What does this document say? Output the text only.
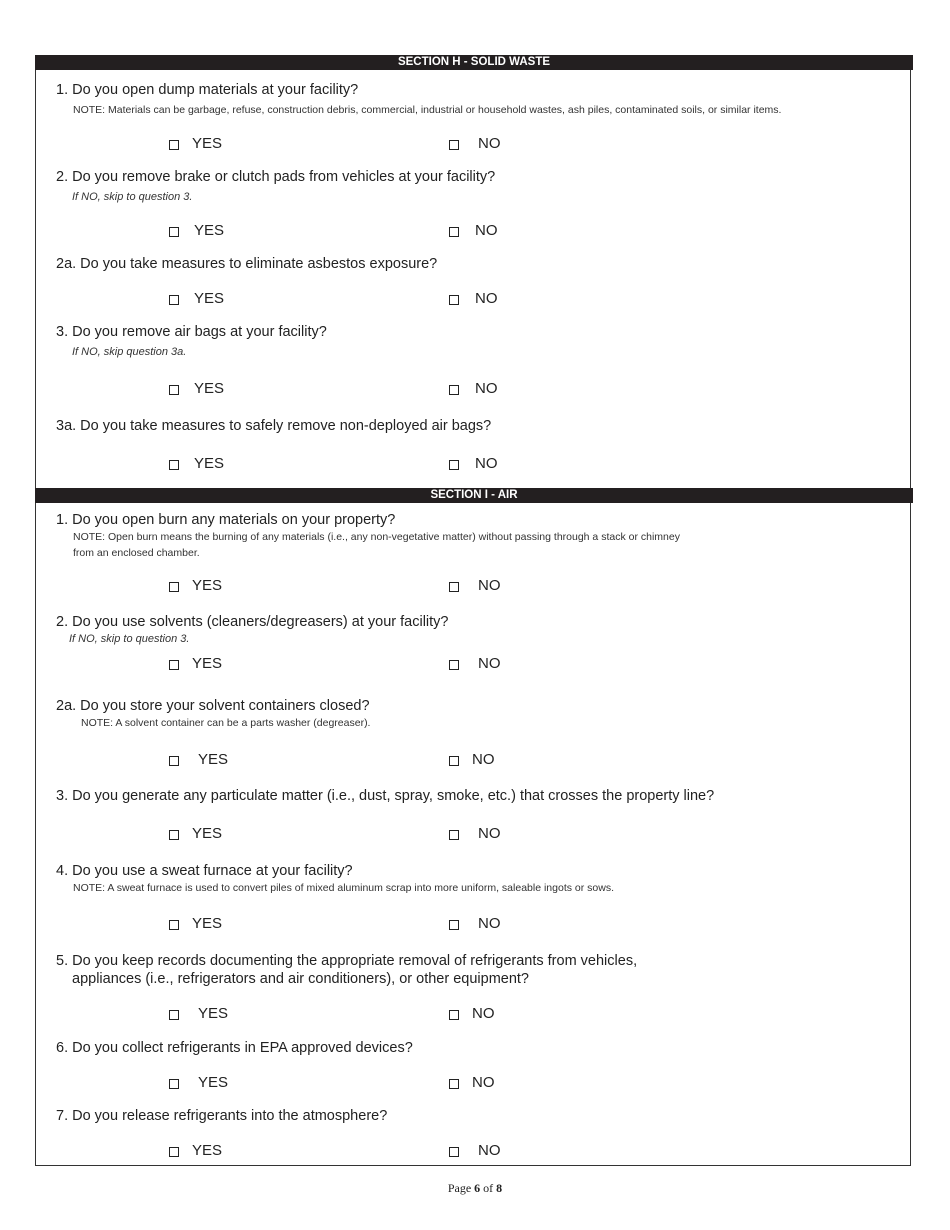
SECTION H - SOLID WASTE
1. Do you open dump materials at your facility?
NOTE: Materials can be garbage, refuse, construction debris, commercial, industrial or household wastes, ash piles, contaminated soils, or similar items.
YES	NO
2. Do you remove brake or clutch pads from vehicles at your facility?
If NO, skip to question 3.
YES	NO
2a. Do you take measures to eliminate asbestos exposure?
YES	NO
3. Do you remove air bags at your facility?
If NO, skip question 3a.
YES	NO
3a. Do you take measures to safely remove non-deployed air bags?
YES	NO
SECTION I - AIR
1. Do you open burn any materials on your property?
NOTE: Open burn means the burning of any materials (i.e., any non-vegetative matter) without passing through a stack or chimney
from an enclosed chamber.
YES	NO
2. Do you use solvents (cleaners/degreasers) at your facility?
If NO, skip to question 3.
YES	NO
2a. Do you store your solvent containers closed?
NOTE: A solvent container can be a parts washer (degreaser).
YES	NO
3. Do you generate any particulate matter (i.e., dust, spray, smoke, etc.) that crosses the property line?
YES	NO
4. Do you use a sweat furnace at your facility?
NOTE: A sweat furnace is used to convert piles of mixed aluminum scrap into more uniform, saleable ingots or sows.
YES	NO
5. Do you keep records documenting the appropriate removal of refrigerants from vehicles,
appliances (i.e., refrigerators and air conditioners), or other equipment?
YES	NO
6. Do you collect refrigerants in EPA approved devices?
YES	NO
7. Do you release refrigerants into the atmosphere?
YES	NO
Page 6 of 8
